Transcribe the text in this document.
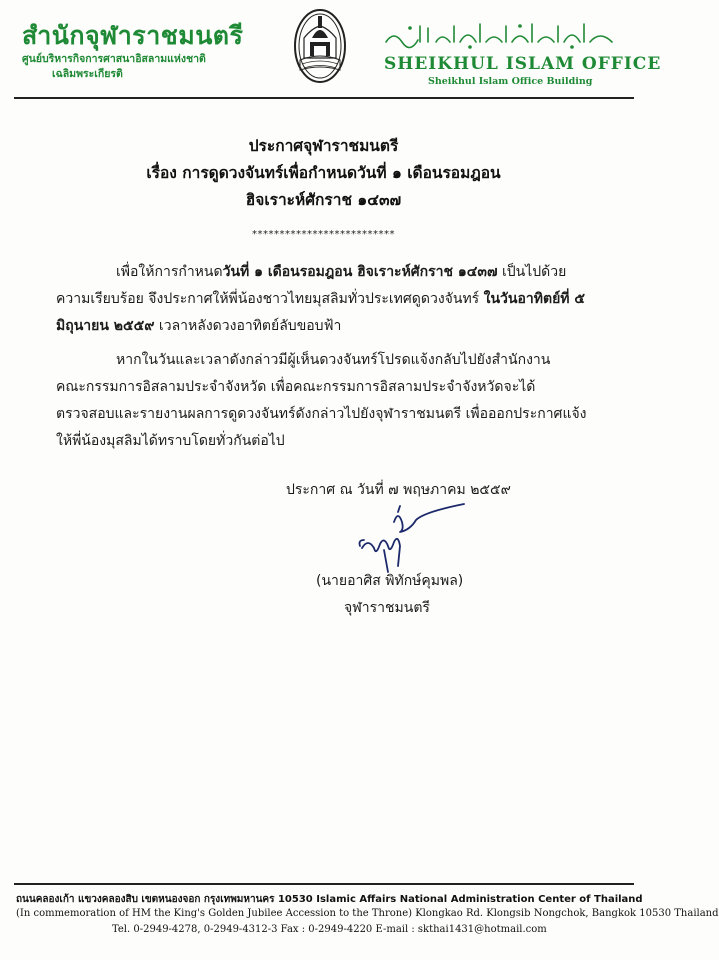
สำนักจุฬาราชมนตรี
ศูนย์บริหารกิจการศาสนาอิสลามแห่งชาติ
เฉลิมพระเกียรติ	SHEIKHUL ISLAM OFFICE
Sheikhul Islam Office Building
ประกาศจุฬาราชมนตรี
เรื่อง การดูดวงจันทร์เพื่อกำหนดวันที่ ๑ เดือนรอมฎอน
ฮิจเราะห์ศักราช ๑๔๓๗
**************************
เพื่อให้การกำหนดวันที่ ๑ เดือนรอมฎอน ฮิจเราะห์ศักราช ๑๔๓๗ เป็นไปด้วย
ความเรียบร้อย จึงประกาศให้พี่น้องชาวไทยมุสลิมทั่วประเทศดูดวงจันทร์ ในวันอาทิตย์ที่ ๕
มิถุนายน ๒๕๕๙ เวลาหลังดวงอาทิตย์ลับขอบฟ้า
หากในวันและเวลาดังกล่าวมีผู้เห็นดวงจันทร์โปรดแจ้งกลับไปยังสำนักงาน
คณะกรรมการอิสลามประจำจังหวัด เพื่อคณะกรรมการอิสลามประจำจังหวัดจะได้
ตรวจสอบและรายงานผลการดูดวงจันทร์ดังกล่าวไปยังจุฬาราชมนตรี เพื่อออกประกาศแจ้ง
ให้พี่น้องมุสลิมได้ทราบโดยทั่วกันต่อไป
ประกาศ ณ วันที่ ๗ พฤษภาคม ๒๕๕๙
(นายอาศิส พิทักษ์คุมพล)
จุฬาราชมนตรี
ถนนคลองเก้า แขวงคลองสิบ เขตหนองจอก กรุงเทพมหานคร 10530 Islamic Affairs National Administration Center of Thailand
(In commemoration of HM the King's Golden Jubilee Accession to the Throne) Klongkao Rd. Klongsib Nongchok, Bangkok 10530 Thailand
Tel. 0-2949-4278, 0-2949-4312-3 Fax : 0-2949-4220 E-mail : skthai1431@hotmail.com
